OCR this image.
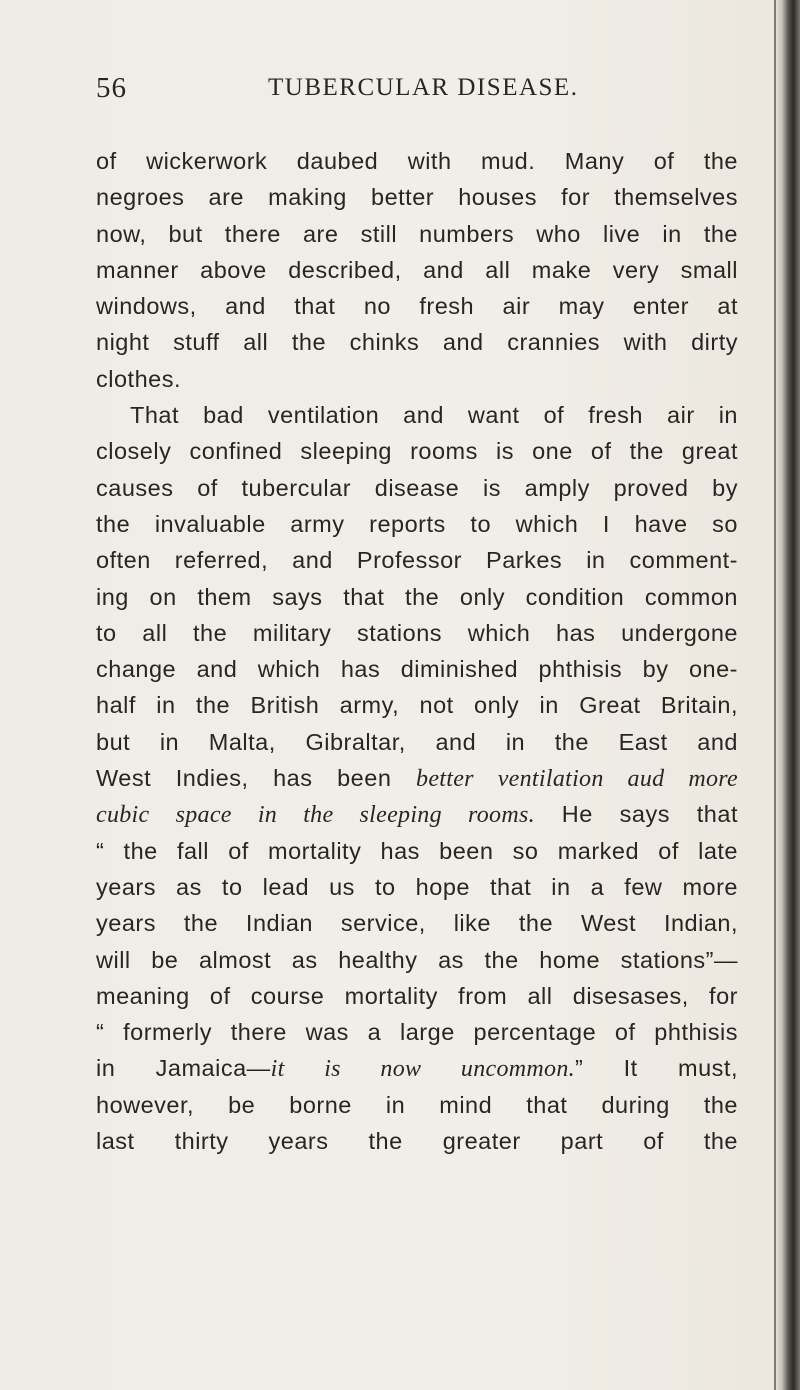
56	TUBERCULAR DISEASE.
of wickerwork daubed with mud. Many of the
negroes are making better houses for themselves
now, but there are still numbers who live in the
manner above described, and all make very small
windows, and that no fresh air may enter at
night stuff all the chinks and crannies with dirty
clothes.
That bad ventilation and want of fresh air in
closely confined sleeping rooms is one of the great
causes of tubercular disease is amply proved by
the invaluable army reports to which I have so
often referred, and Professor Parkes in comment-
ing on them says that the only condition common
to all the military stations which has undergone
change and which has diminished phthisis by one-
half in the British army, not only in Great Britain,
but in Malta, Gibraltar, and in the East and
West Indies, has been better ventilation aud more
cubic space in the sleeping rooms. He says that
“ the fall of mortality has been so marked of late
years as to lead us to hope that in a few more
years the Indian service, like the West Indian,
will be almost as healthy as the home stations”—
meaning of course mortality from all disesases, for
“ formerly there was a large percentage of phthisis
in Jamaica—it is now uncommon.” It must,
however, be borne in mind that during the
last thirty years the greater part of the
